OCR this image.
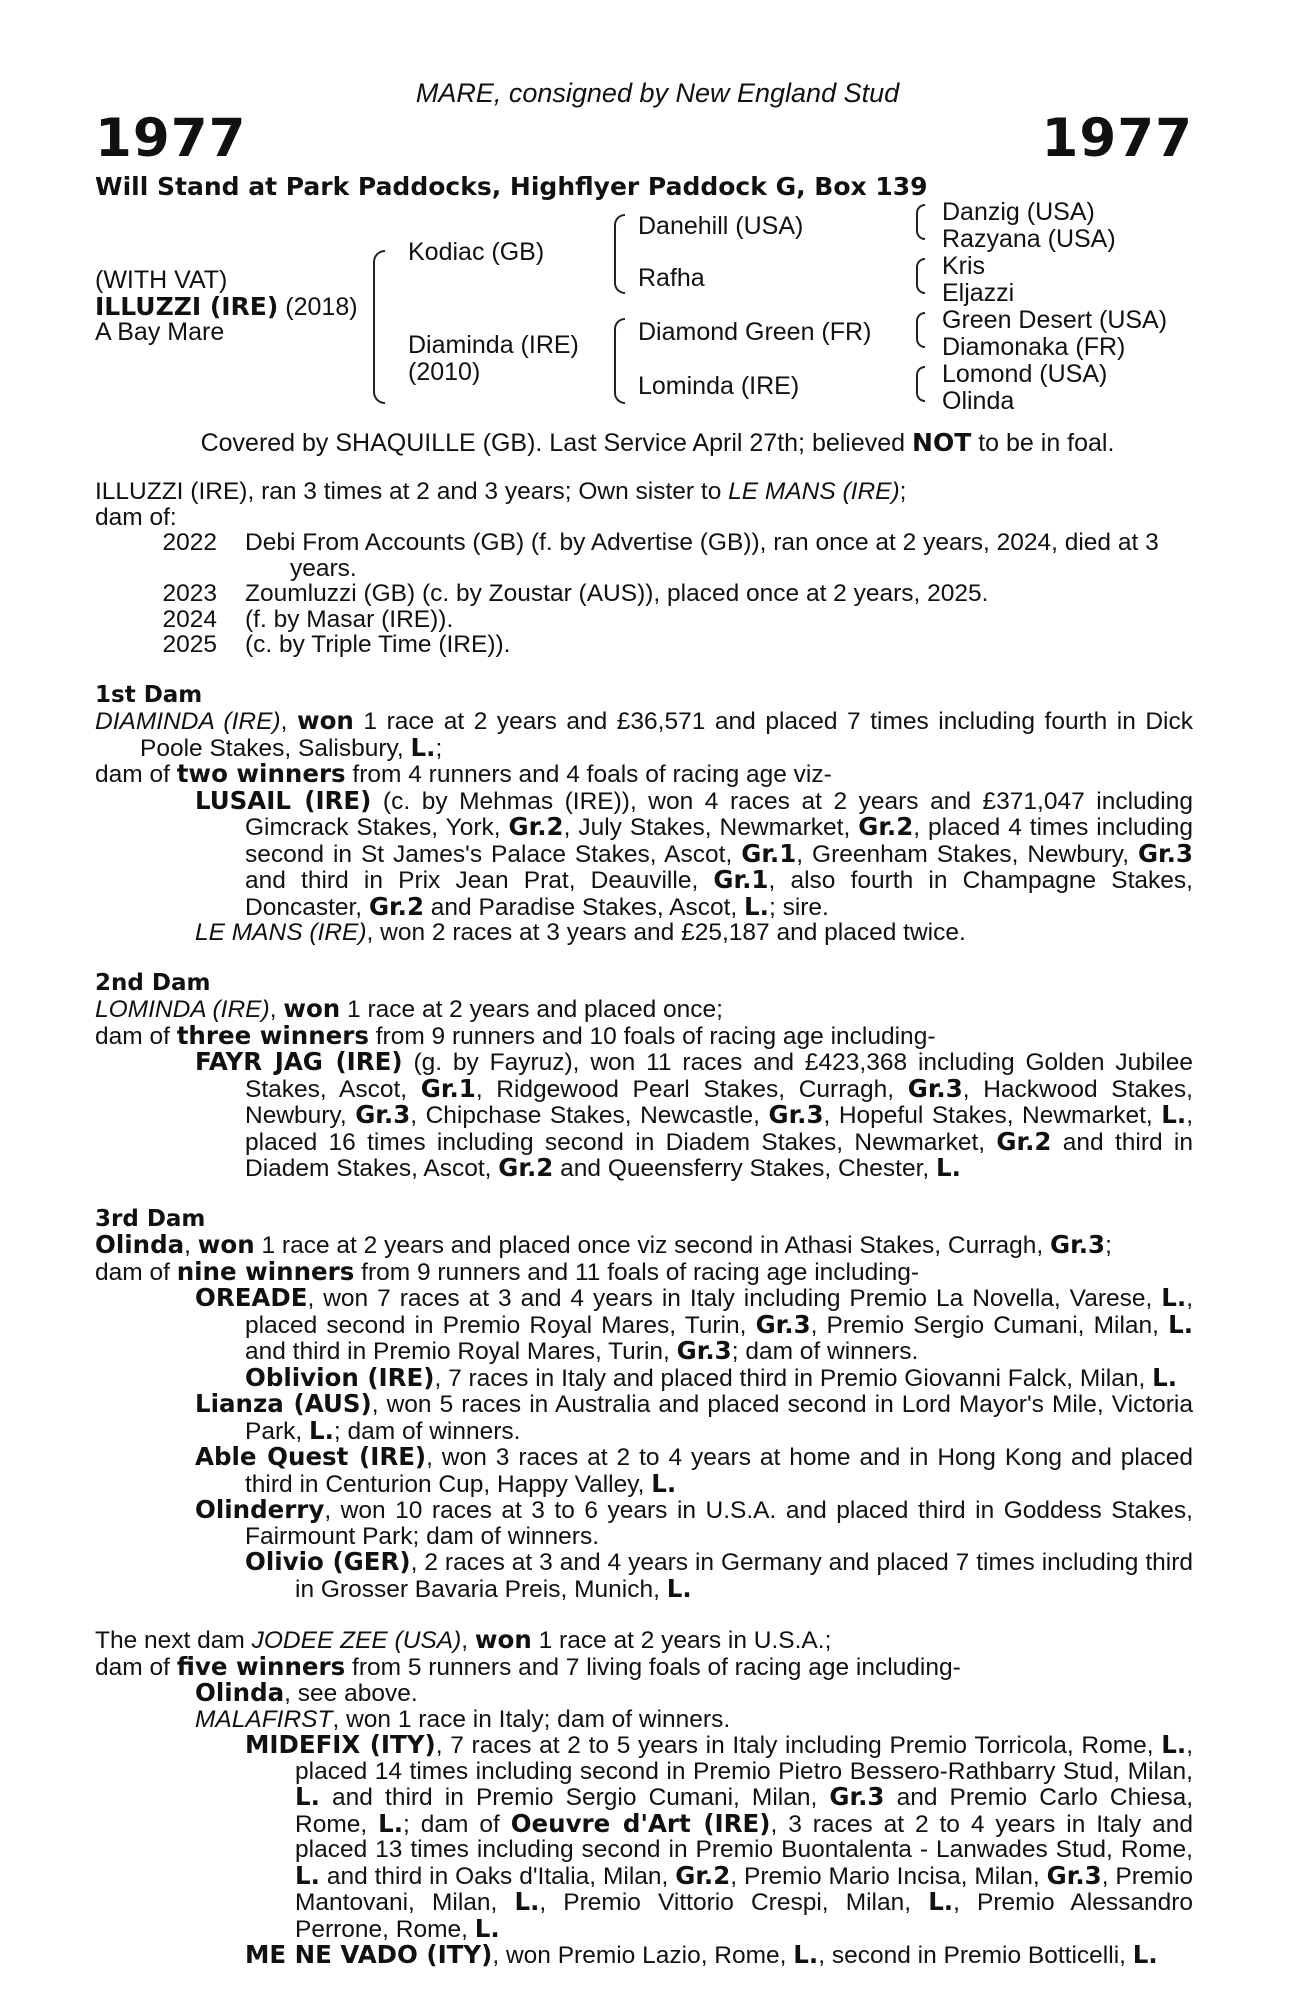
MARE, consigned by New England Stud
1977	1977
Will Stand at Park Paddocks, Highflyer Paddock G, Box 139
(WITH VAT)
ILLUZZI (IRE) (2018)
A Bay Mare
Kodiac (GB)
Diaminda (IRE)
(2010)
Danehill (USA)
Rafha
Diamond Green (FR)
Lominda (IRE)
Danzig (USA)
Razyana (USA)
Kris
Eljazzi
Green Desert (USA)
Diamonaka (FR)
Lomond (USA)
Olinda
Covered by SHAQUILLE (GB). Last Service April 27th; believed NOT to be in foal.

ILLUZZI (IRE), ran 3 times at 2 and 3 years; Own sister to LE MANS (IRE);

dam of:

2022	Debi From Accounts (GB) (f. by Advertise (GB)), ran once at 2 years, 2024, died at 3 years.
2023	Zoumluzzi (GB) (c. by Zoustar (AUS)), placed once at 2 years, 2025.
2024	(f. by Masar (IRE)).
2025	(c. by Triple Time (IRE)).

1st Dam

DIAMINDA (IRE), won 1 race at 2 years and £36,571 and placed 7 times including fourth in Dick Poole Stakes, Salisbury, L.;

dam of two winners from 4 runners and 4 foals of racing age viz-

LUSAIL (IRE) (c. by Mehmas (IRE)), won 4 races at 2 years and £371,047 including Gimcrack Stakes, York, Gr.2, July Stakes, Newmarket, Gr.2, placed 4 times including second in St James's Palace Stakes, Ascot, Gr.1, Greenham Stakes, Newbury, Gr.3 and third in Prix Jean Prat, Deauville, Gr.1, also fourth in Champagne Stakes, Doncaster, Gr.2 and Paradise Stakes, Ascot, L.; sire.

LE MANS (IRE), won 2 races at 3 years and £25,187 and placed twice.

2nd Dam

LOMINDA (IRE), won 1 race at 2 years and placed once;

dam of three winners from 9 runners and 10 foals of racing age including-

FAYR JAG (IRE) (g. by Fayruz), won 11 races and £423,368 including Golden Jubilee Stakes, Ascot, Gr.1, Ridgewood Pearl Stakes, Curragh, Gr.3, Hackwood Stakes, Newbury, Gr.3, Chipchase Stakes, Newcastle, Gr.3, Hopeful Stakes, Newmarket, L., placed 16 times including second in Diadem Stakes, Newmarket, Gr.2 and third in Diadem Stakes, Ascot, Gr.2 and Queensferry Stakes, Chester, L.

3rd Dam

Olinda, won 1 race at 2 years and placed once viz second in Athasi Stakes, Curragh, Gr.3;

dam of nine winners from 9 runners and 11 foals of racing age including-

OREADE, won 7 races at 3 and 4 years in Italy including Premio La Novella, Varese, L., placed second in Premio Royal Mares, Turin, Gr.3, Premio Sergio Cumani, Milan, L. and third in Premio Royal Mares, Turin, Gr.3; dam of winners.

Oblivion (IRE), 7 races in Italy and placed third in Premio Giovanni Falck, Milan, L.

Lianza (AUS), won 5 races in Australia and placed second in Lord Mayor's Mile, Victoria Park, L.; dam of winners.

Able Quest (IRE), won 3 races at 2 to 4 years at home and in Hong Kong and placed third in Centurion Cup, Happy Valley, L.

Olinderry, won 10 races at 3 to 6 years in U.S.A. and placed third in Goddess Stakes, Fairmount Park; dam of winners.

Olivio (GER), 2 races at 3 and 4 years in Germany and placed 7 times including third in Grosser Bavaria Preis, Munich, L.

The next dam JODEE ZEE (USA), won 1 race at 2 years in U.S.A.;

dam of five winners from 5 runners and 7 living foals of racing age including-

Olinda, see above.

MALAFIRST, won 1 race in Italy; dam of winners.

MIDEFIX (ITY), 7 races at 2 to 5 years in Italy including Premio Torricola, Rome, L., placed 14 times including second in Premio Pietro Bessero-Rathbarry Stud, Milan, L. and third in Premio Sergio Cumani, Milan, Gr.3 and Premio Carlo Chiesa, Rome, L.; dam of Oeuvre d'Art (IRE), 3 races at 2 to 4 years in Italy and placed 13 times including second in Premio Buontalenta - Lanwades Stud, Rome, L. and third in Oaks d'Italia, Milan, Gr.2, Premio Mario Incisa, Milan, Gr.3, Premio Mantovani, Milan, L., Premio Vittorio Crespi, Milan, L., Premio Alessandro Perrone, Rome, L.

ME NE VADO (ITY), won Premio Lazio, Rome, L., second in Premio Botticelli, L.
